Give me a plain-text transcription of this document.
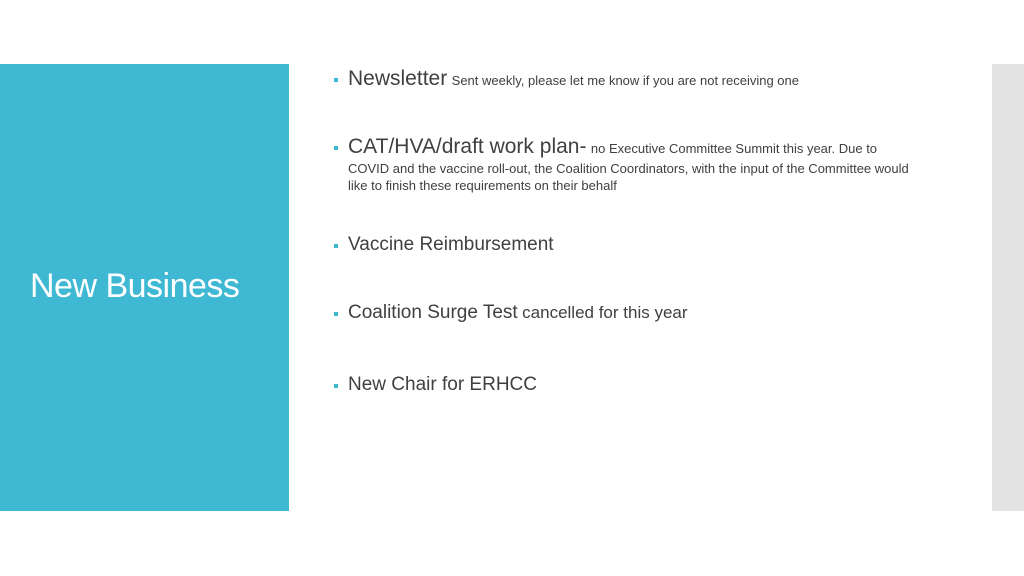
New Business
Newsletter Sent weekly, please let me know if you are not receiving one
CAT/HVA/draft work plan- no Executive Committee Summit this year. Due to COVID and the vaccine roll-out, the Coalition Coordinators, with the input of the Committee would like to finish these requirements on their behalf
Vaccine Reimbursement
Coalition Surge Test cancelled for this year
New Chair for ERHCC
